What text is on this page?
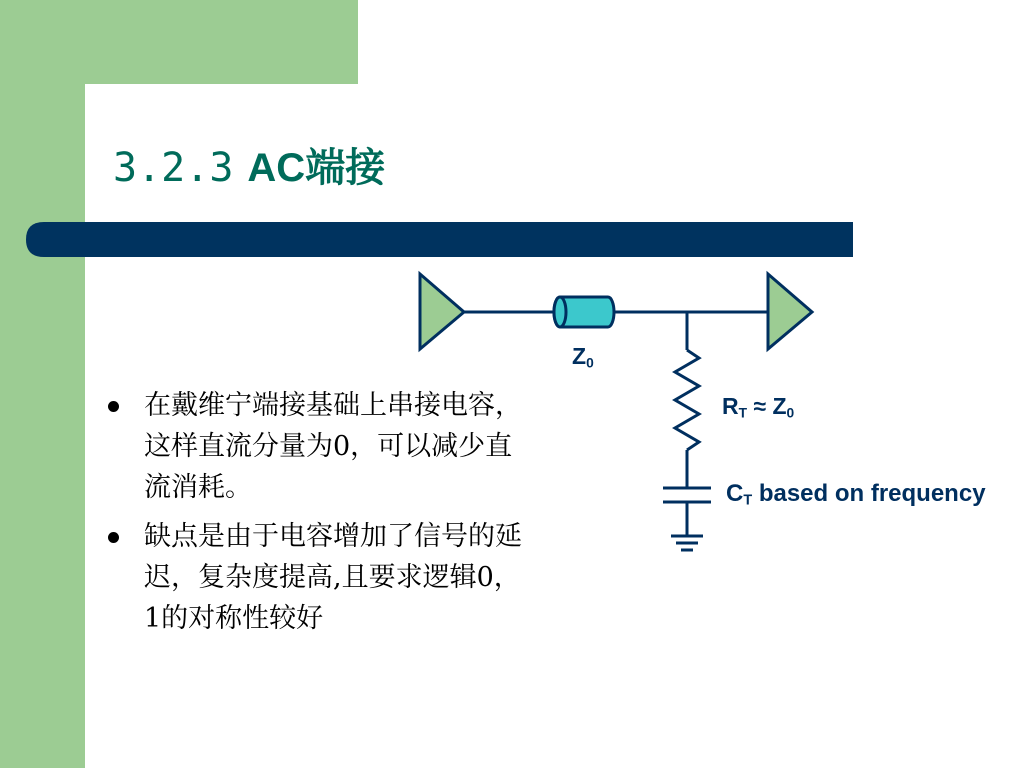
3.2.3 AC端接
在戴维宁端接基础上串接电容，这样直流分量为0，可以减少直流消耗。
缺点是由于电容增加了信号的延迟，复杂度提高,且要求逻辑0，1的对称性较好
$Z_0$
$R_T \approx Z_0$
$C_T$ based on frequency
